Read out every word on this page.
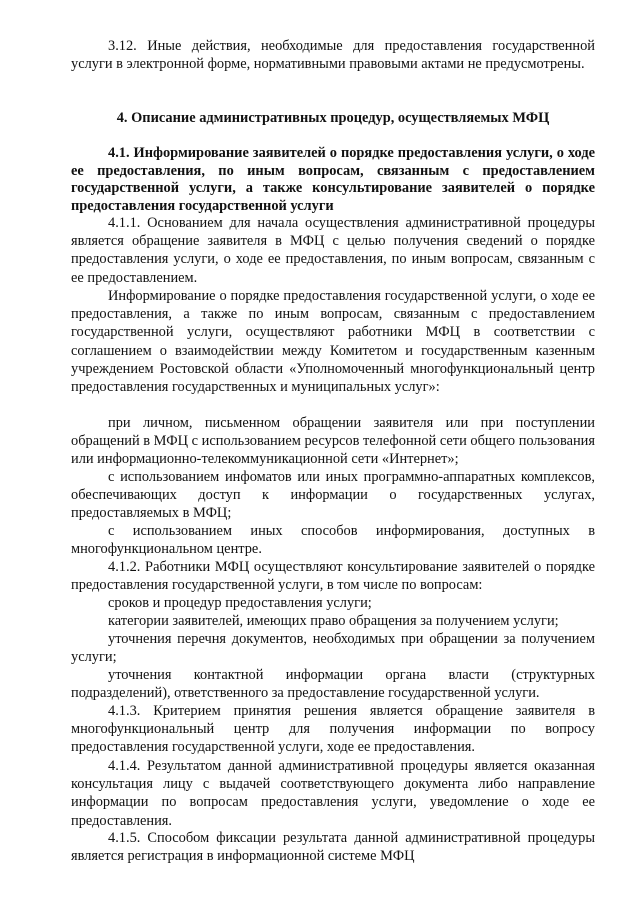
3.12. Иные действия, необходимые для предоставления государственной услуги в электронной форме, нормативными правовыми актами не предусмотрены.

4. Описание административных процедур, осуществляемых МФЦ

4.1. Информирование заявителей о порядке предоставления услуги, о ходе ее предоставления, по иным вопросам, связанным с предоставлением государственной услуги, а также консультирование заявителей о порядке предоставления государственной услуги

4.1.1. Основанием для начала осуществления административной процедуры является обращение заявителя в МФЦ с целью получения сведений о порядке предоставления услуги, о ходе ее предоставления, по иным вопросам, связанным с ее предоставлением.

Информирование о порядке предоставления государственной услуги, о ходе ее предоставления, а также по иным вопросам, связанным с предоставлением государственной услуги, осуществляют работники МФЦ в соответствии с соглашением о взаимодействии между Комитетом и государственным казенным учреждением Ростовской области «Уполномоченный многофункциональный центр предоставления государственных и муниципальных услуг»:

при личном, письменном обращении заявителя или при поступлении обращений в МФЦ с использованием ресурсов телефонной сети общего пользования или информационно-телекоммуникационной сети «Интернет»;

с использованием инфоматов или иных программно-аппаратных комплексов, обеспечивающих доступ к информации о государственных услугах, предоставляемых в МФЦ;

с использованием иных способов информирования, доступных в многофункциональном центре.

4.1.2. Работники МФЦ осуществляют консультирование заявителей о порядке предоставления государственной услуги, в том числе по вопросам:

сроков и процедур предоставления услуги;

категории заявителей, имеющих право обращения за получением услуги;

уточнения перечня документов, необходимых при обращении за получением услуги;

уточнения контактной информации органа власти (структурных подразделений), ответственного за предоставление государственной услуги.

4.1.3. Критерием принятия решения является обращение заявителя в многофункциональный центр для получения информации по вопросу предоставления государственной услуги, ходе ее предоставления.

4.1.4. Результатом данной административной процедуры является оказанная консультация лицу с выдачей соответствующего документа либо направление информации по вопросам предоставления услуги, уведомление о ходе ее предоставления.

4.1.5. Способом фиксации результата данной административной процедуры является регистрация в информационной системе МФЦ
